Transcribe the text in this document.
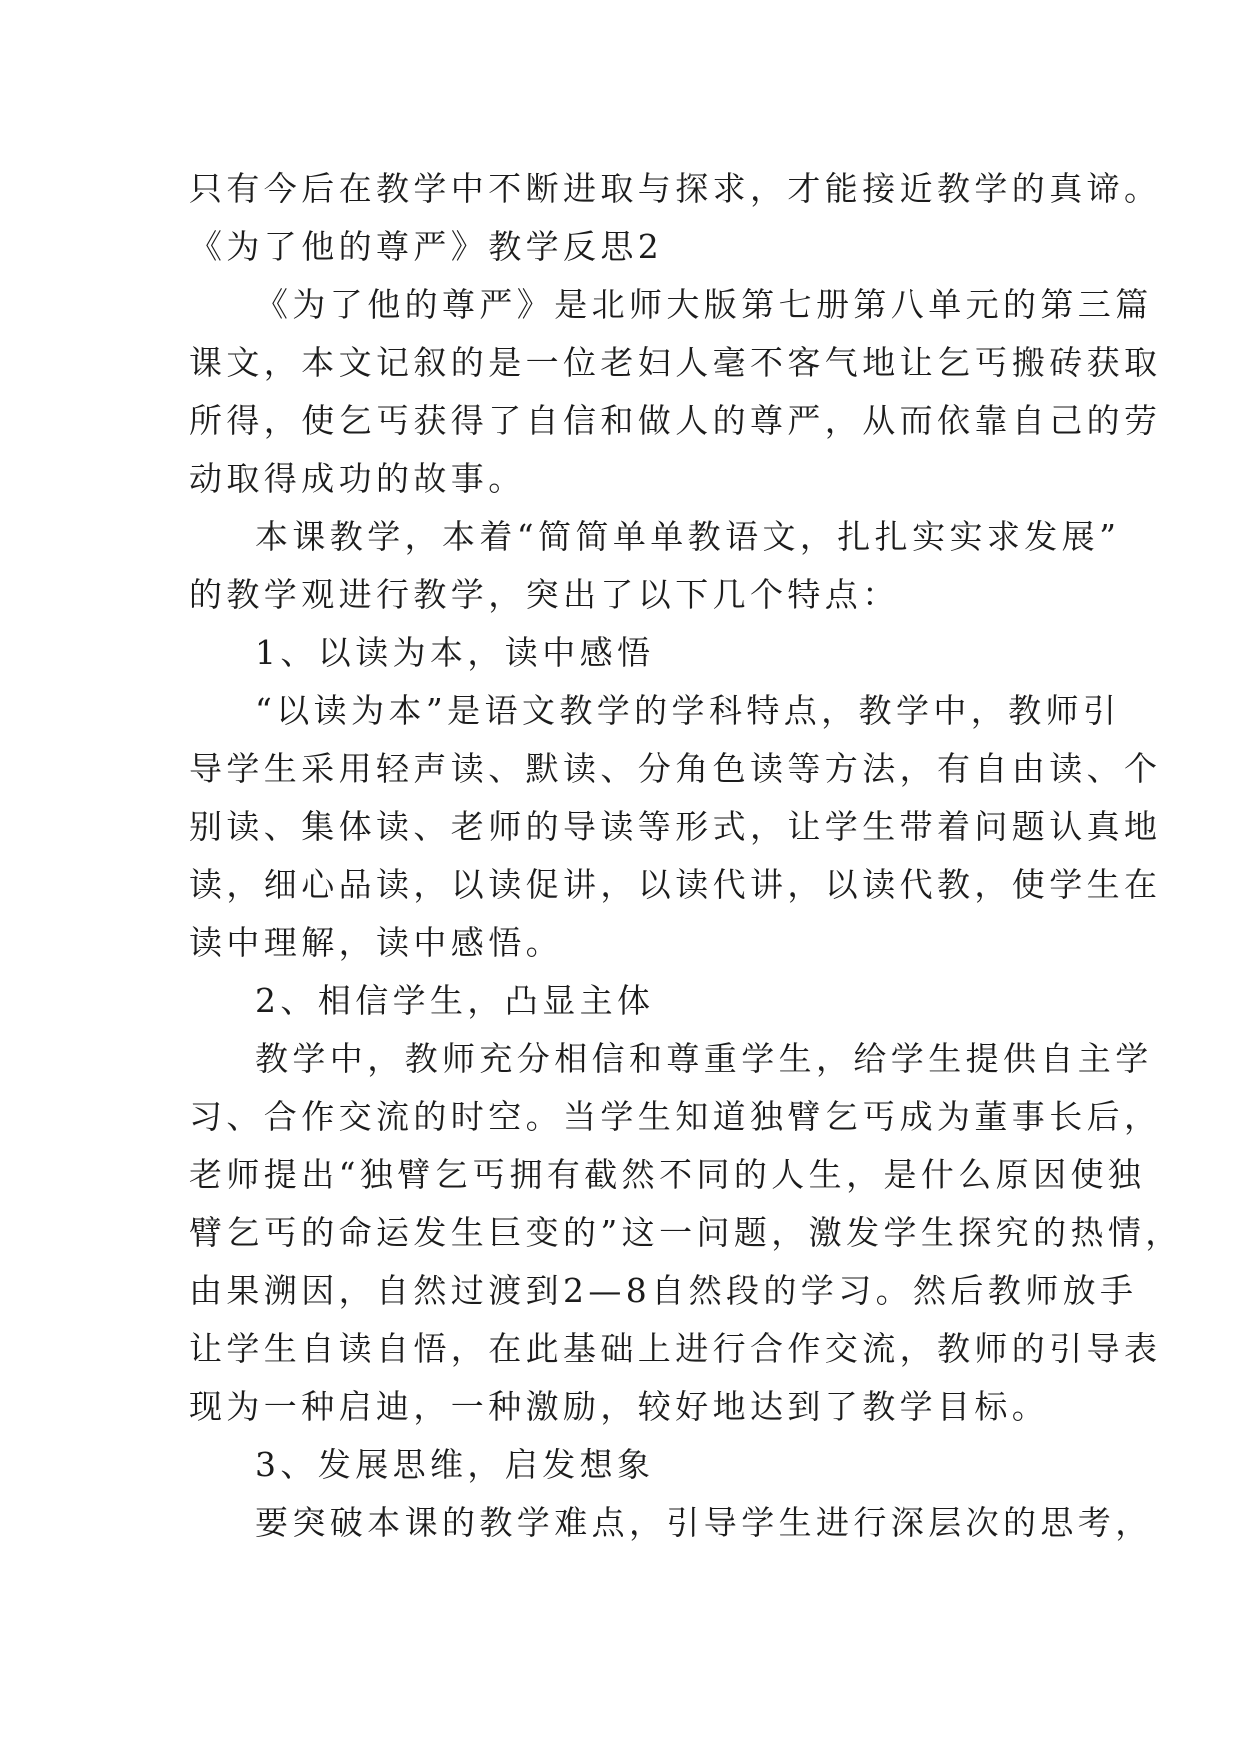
只有今后在教学中不断进取与探求，才能接近教学的真谛。
《为了他的尊严》教学反思2
《为了他的尊严》是北师大版第七册第八单元的第三篇
课文，本文记叙的是一位老妇人毫不客气地让乞丐搬砖获取
所得，使乞丐获得了自信和做人的尊严，从而依靠自己的劳
动取得成功的故事。
本课教学，本着“简简单单教语文，扎扎实实求发展”
的教学观进行教学，突出了以下几个特点：
1、以读为本，读中感悟
“以读为本”是语文教学的学科特点，教学中，教师引
导学生采用轻声读、默读、分角色读等方法，有自由读、个
别读、集体读、老师的导读等形式，让学生带着问题认真地
读，细心品读，以读促讲，以读代讲，以读代教，使学生在
读中理解，读中感悟。
2、相信学生，凸显主体
教学中，教师充分相信和尊重学生，给学生提供自主学
习、合作交流的时空。当学生知道独臂乞丐成为董事长后，
老师提出“独臂乞丐拥有截然不同的人生，是什么原因使独
臂乞丐的命运发生巨变的”这一问题，激发学生探究的热情，
由果溯因，自然过渡到2—8自然段的学习。然后教师放手
让学生自读自悟，在此基础上进行合作交流，教师的引导表
现为一种启迪，一种激励，较好地达到了教学目标。
3、发展思维，启发想象
要突破本课的教学难点，引导学生进行深层次的思考，
